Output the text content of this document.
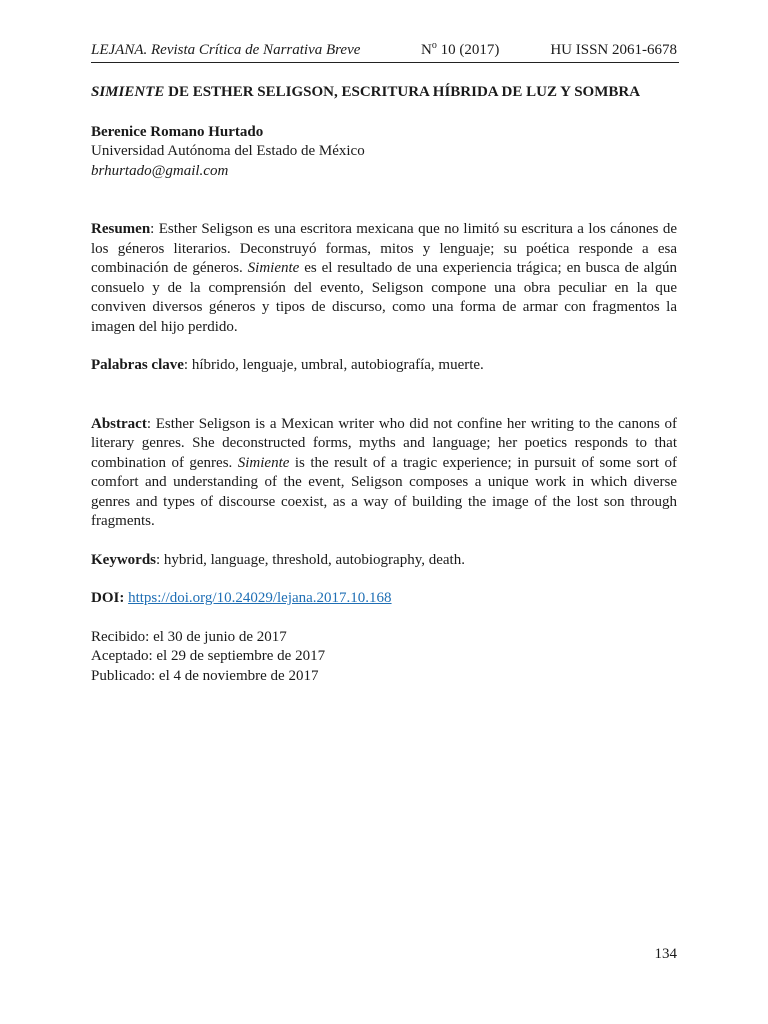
LEJANA. Revista Crítica de Narrativa Breve	$N^o$ 10 (2017)	HU ISSN 2061-6678

SIMIENTE DE ESTHER SELIGSON, ESCRITURA HÍBRIDA DE LUZ Y SOMBRA

Berenice Romano Hurtado
Universidad Autónoma del Estado de México
brhurtado@gmail.com
Resumen: Esther Seligson es una escritora mexicana que no limitó su escritura a los cánones de los géneros literarios. Deconstruyó formas, mitos y lenguaje; su poética responde a esa combinación de géneros. Simiente es el resultado de una experiencia trágica; en busca de algún consuelo y de la comprensión del evento, Seligson compone una obra peculiar en la que conviven diversos géneros y tipos de discurso, como una forma de armar con fragmentos la imagen del hijo perdido.
Palabras clave: híbrido, lenguaje, umbral, autobiografía, muerte.
Abstract: Esther Seligson is a Mexican writer who did not confine her writing to the canons of literary genres. She deconstructed forms, myths and language; her poetics responds to that combination of genres. Simiente is the result of a tragic experience; in pursuit of some sort of comfort and understanding of the event, Seligson composes a unique work in which diverse genres and types of discourse coexist, as a way of building the image of the lost son through fragments.
Keywords: hybrid, language, threshold, autobiography, death.
DOI: https://doi.org/10.24029/lejana.2017.10.168
Recibido: el 30 de junio de 2017
Aceptado: el 29 de septiembre de 2017
Publicado: el 4 de noviembre de 2017
134
